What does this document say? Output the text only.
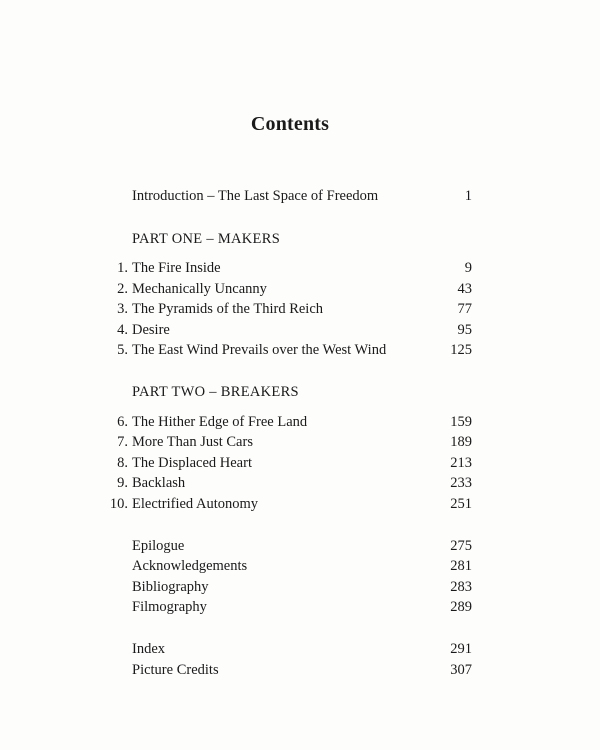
Contents
Introduction – The Last Space of Freedom	1
PART ONE – MAKERS
1. The Fire Inside	9
2. Mechanically Uncanny	43
3. The Pyramids of the Third Reich	77
4. Desire	95
5. The East Wind Prevails over the West Wind	125
PART TWO – BREAKERS
6. The Hither Edge of Free Land	159
7. More Than Just Cars	189
8. The Displaced Heart	213
9. Backlash	233
10. Electrified Autonomy	251
Epilogue	275
Acknowledgements	281
Bibliography	283
Filmography	289
Index	291
Picture Credits	307
